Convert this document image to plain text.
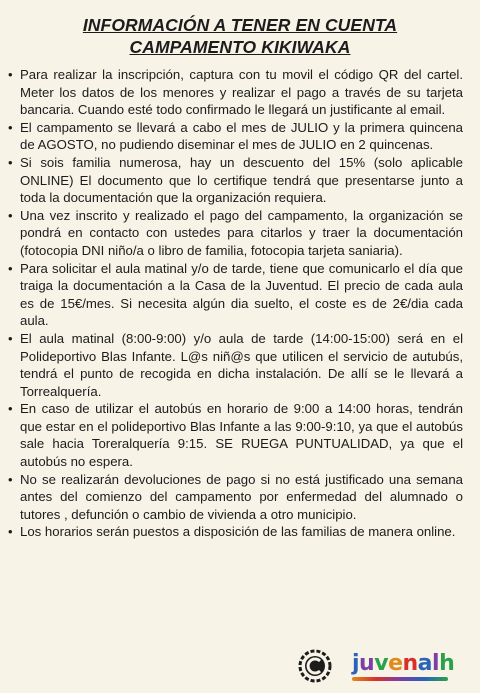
INFORMACIÓN A TENER EN CUENTA
CAMPAMENTO KIKIWAKA
• Para realizar la inscripción, captura con tu movil el código QR del cartel. Meter los datos de los menores y realizar el pago a través de su tarjeta bancaria. Cuando esté todo confirmado le llegará un justificante al email.
• El campamento se llevará a cabo el mes de JULIO y la primera quincena de AGOSTO, no pudiendo diseminar el mes de JULIO en 2 quincenas.
• Si sois familia numerosa, hay un descuento del 15% (solo aplicable ONLINE) El documento que lo certifique tendrá que presentarse junto a toda la documentación que la organización requiera.
• Una vez inscrito y realizado el pago del campamento, la organización se pondrá en contacto con ustedes para citarlos y traer la documentación (fotocopia DNI niño/a o libro de familia, fotocopia tarjeta saniaria).
• Para solicitar el aula matinal y/o de tarde, tiene que comunicarlo el día que traiga la documentación a la Casa de la Juventud. El precio de cada aula es de 15€/mes. Si necesita algún dia suelto, el coste es de 2€/dia cada aula.
• El aula matinal (8:00-9:00) y/o aula de tarde (14:00-15:00) será en el Polideportivo Blas Infante. L@s niñ@s que utilicen el servicio de autubús, tendrá el punto de recogida en dicha instalación. De allí se le llevará a Torrealquería.
• En caso de utilizar el autobús en horario de 9:00 a 14:00 horas, tendrán que estar en el polideportivo Blas Infante a las 9:00-9:10, ya que el autobús sale hacia Toreralquería 9:15. SE RUEGA PUNTUALIDAD, ya que el autobús no espera.
• No se realizarán devoluciones de pago si no está justificado una semana antes del comienzo del campamento por enfermedad del alumnado o tutores , defunción o cambio de vivienda a otro municipio.
• Los horarios serán puestos a disposición de las familias de manera online.
juvenalh
